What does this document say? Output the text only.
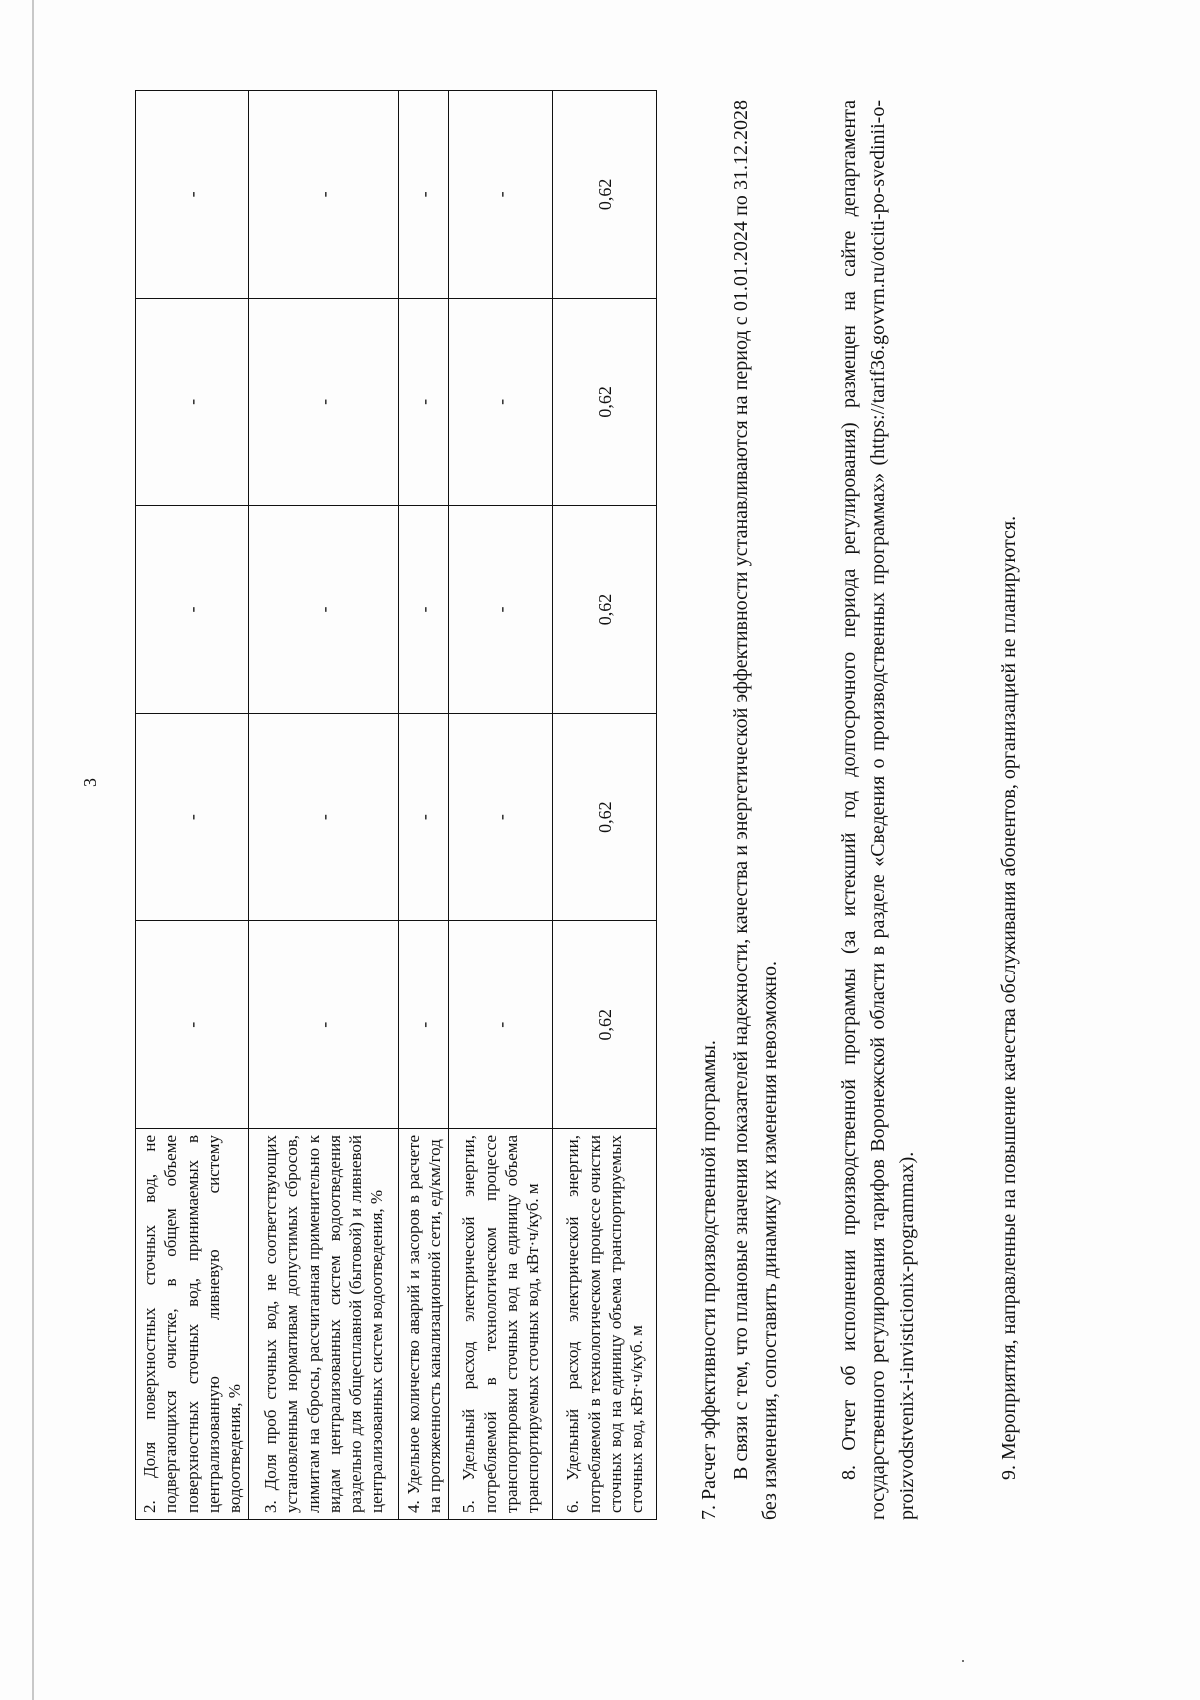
3
2. Доля поверхностных сточных вод, не подвергающихся очистке, в общем объеме поверхностных сточных вод, принимаемых в централизованную ливневую систему водоотведения, %	-	-	-	-	-
3. Доля проб сточных вод, не соответствующих установленным нормативам допустимых сбросов, лимитам на сбросы, рассчитанная применительно к видам централизованных систем водоотведения раздельно для общесплавной (бытовой) и ливневой централизованных систем водоотведения, %	-	-	-	-	-
4. Удельное количество аварий и засоров в расчете на протяженность канализационной сети, ед/км/год	-	-	-	-	-
5. Удельный расход электрической энергии, потребляемой в технологическом процессе транспортировки сточных вод на единицу объема транспортируемых сточных вод, кВт·ч/куб. м	-	-	-	-	-
6. Удельный расход электрической энергии, потребляемой в технологическом процессе очистки сточных вод на единицу объема транспортируемых сточных вод, кВт·ч/куб. м	0,62	0,62	0,62	0,62	0,62
7. Расчет эффективности производственной программы. В связи с тем, что плановые значения показателей надежности, качества и энергетической эффективности устанавливаются на период с 01.01.2024 по 31.12.2028 без изменения, сопоставить динамику их изменения невозможно.	8. Отчет об исполнении производственной программы (за истекший год долгосрочного периода регулирования) размещен на сайте департамента государственного регулирования тарифов Воронежской области в разделе «Сведения о производственных программах» (https://tarif36.govvrn.ru/otciti-po-svedinii-o-proizvodstvenix-i-invisticionix-programmax).	9. Мероприятия, направленные на повышение качества обслуживания абонентов, организацией не планируются.
